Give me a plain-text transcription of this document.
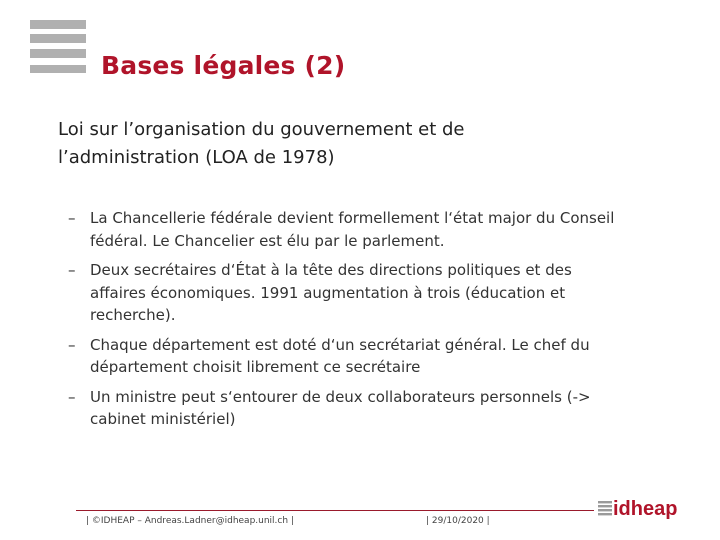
Bases légales (2)
Loi sur l’organisation du gouvernement et de l’administration (LOA de 1978)
– La Chancellerie fédérale devient formellement l‘état major du Conseil fédéral. Le Chancelier est élu par le parlement.
– Deux secrétaires d‘État à la tête des directions politiques et des affaires économiques. 1991 augmentation à trois (éducation et recherche).
– Chaque département est doté d‘un secrétariat général. Le chef du département choisit librement ce secrétaire
– Un ministre peut s‘entourer de deux collaborateurs personnels (-> cabinet ministériel)
| ©IDHEAP – Andreas.Ladner@idheap.unil.ch |	| 29/10/2020 |
idheap
